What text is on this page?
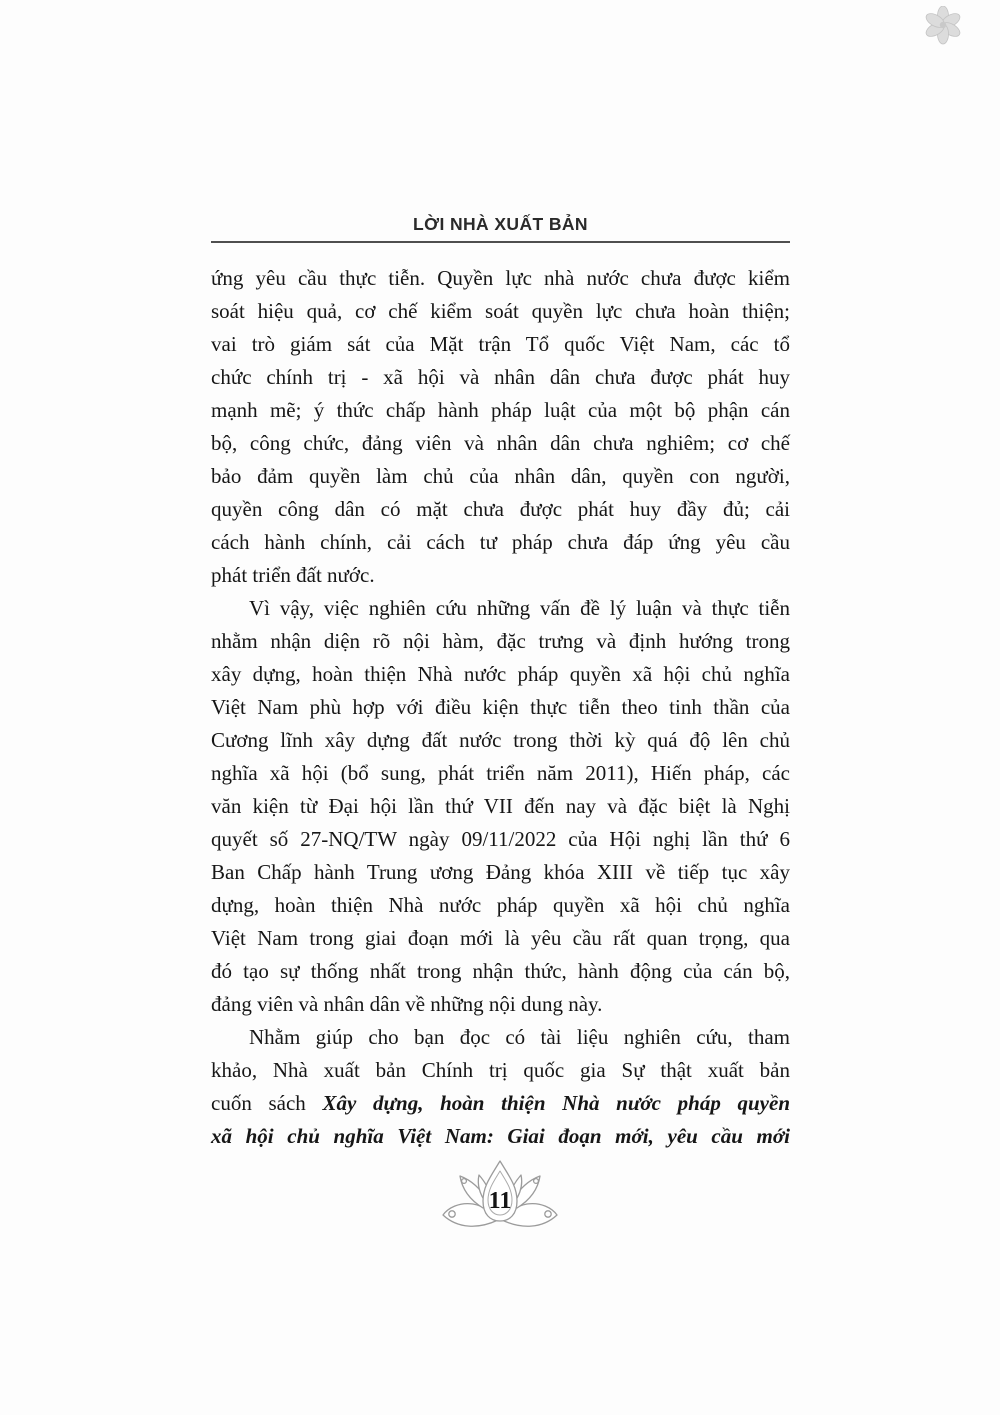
LỜI NHÀ XUẤT BẢN
ứng yêu cầu thực tiễn. Quyền lực nhà nước chưa được kiểm
soát hiệu quả, cơ chế kiểm soát quyền lực chưa hoàn thiện;
vai trò giám sát của Mặt trận Tổ quốc Việt Nam, các tổ
chức chính trị - xã hội và nhân dân chưa được phát huy
mạnh mẽ; ý thức chấp hành pháp luật của một bộ phận cán
bộ, công chức, đảng viên và nhân dân chưa nghiêm; cơ chế
bảo đảm quyền làm chủ của nhân dân, quyền con người,
quyền công dân có mặt chưa được phát huy đầy đủ; cải
cách hành chính, cải cách tư pháp chưa đáp ứng yêu cầu
phát triển đất nước.
Vì vậy, việc nghiên cứu những vấn đề lý luận và thực tiễn
nhằm nhận diện rõ nội hàm, đặc trưng và định hướng trong
xây dựng, hoàn thiện Nhà nước pháp quyền xã hội chủ nghĩa
Việt Nam phù hợp với điều kiện thực tiễn theo tinh thần của
Cương lĩnh xây dựng đất nước trong thời kỳ quá độ lên chủ
nghĩa xã hội (bổ sung, phát triển năm 2011), Hiến pháp, các
văn kiện từ Đại hội lần thứ VII đến nay và đặc biệt là Nghị
quyết số 27-NQ/TW ngày 09/11/2022 của Hội nghị lần thứ 6
Ban Chấp hành Trung ương Đảng khóa XIII về tiếp tục xây
dựng, hoàn thiện Nhà nước pháp quyền xã hội chủ nghĩa
Việt Nam trong giai đoạn mới là yêu cầu rất quan trọng, qua
đó tạo sự thống nhất trong nhận thức, hành động của cán bộ,
đảng viên và nhân dân về những nội dung này.
Nhằm giúp cho bạn đọc có tài liệu nghiên cứu, tham
khảo, Nhà xuất bản Chính trị quốc gia Sự thật xuất bản
cuốn sách Xây dựng, hoàn thiện Nhà nước pháp quyền
xã hội chủ nghĩa Việt Nam: Giai đoạn mới, yêu cầu mới
11
